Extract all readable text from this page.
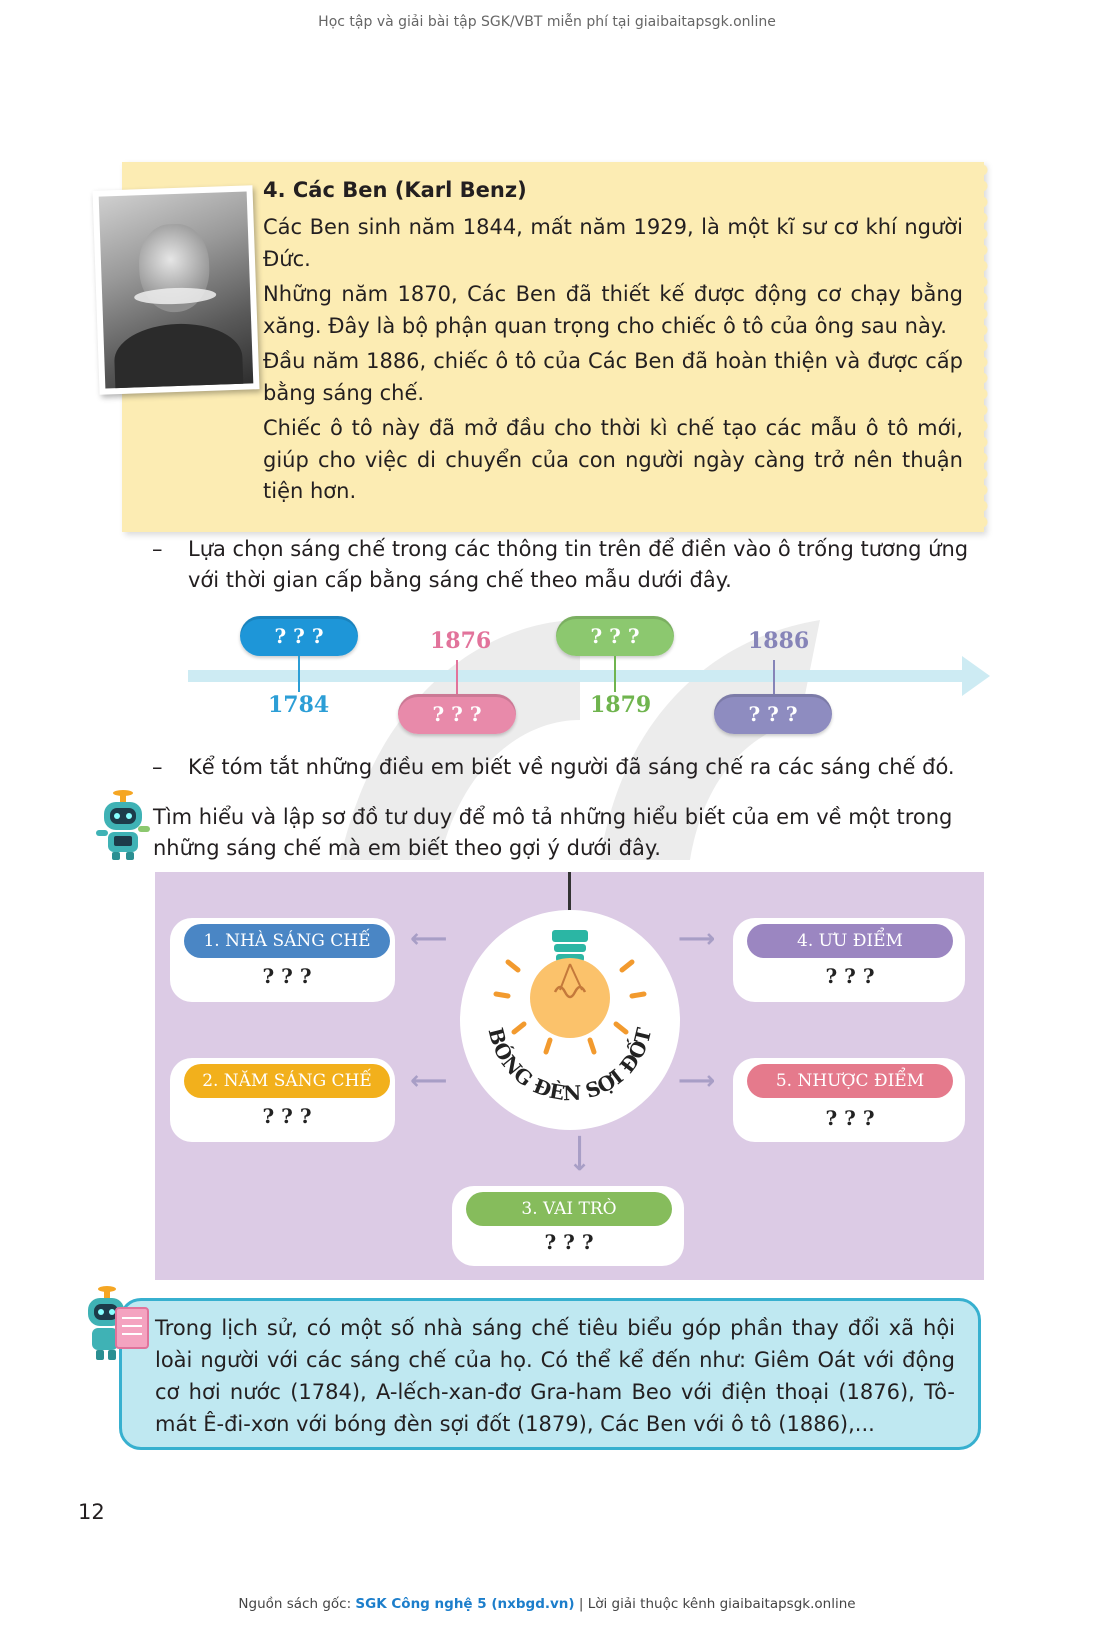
Học tập và giải bài tập SGK/VBT miễn phí tại giaibaitapsgk.online
4. Các Ben (Karl Benz)

Các Ben sinh năm 1844, mất năm 1929, là một kĩ sư cơ khí người Đức.

Những năm 1870, Các Ben đã thiết kế được động cơ chạy bằng xăng. Đây là bộ phận quan trọng cho chiếc ô tô của ông sau này.

Đầu năm 1886, chiếc ô tô của Các Ben đã hoàn thiện và được cấp bằng sáng chế.

Chiếc ô tô này đã mở đầu cho thời kì chế tạo các mẫu ô tô mới, giúp cho việc di chuyển của con người ngày càng trở nên thuận tiện hơn.

– Lựa chọn sáng chế trong các thông tin trên để điền vào ô trống tương ứng với thời gian cấp bằng sáng chế theo mẫu dưới đây.
? ? ?
1784
1876
? ? ?
? ? ?
1879
1886
? ? ?
– Kể tóm tắt những điều em biết về người đã sáng chế ra các sáng chế đó.
Tìm hiểu và lập sơ đồ tư duy để mô tả những hiểu biết của em về một trong những sáng chế mà em biết theo gợi ý dưới đây.
BÓNG ĐÈN SỢI ĐỐT
1. NHÀ SÁNG CHẾ
? ? ?
⟵
2. NĂM SÁNG CHẾ
? ? ?
⟵
3. VAI TRÒ
? ? ?
⟶
4. ƯU ĐIỂM
? ? ?
⟶
5. NHƯỢC ĐIỂM
? ? ?
⟶
Trong lịch sử, có một số nhà sáng chế tiêu biểu góp phần thay đổi xã hội loài người với các sáng chế của họ. Có thể kể đến như: Giêm Oát với động cơ hơi nước (1784), A-lếch-xan-đơ Gra-ham Beo với điện thoại (1876), Tô-mát Ê-đi-xơn với bóng đèn sợi đốt (1879), Các Ben với ô tô (1886),...
12
Nguồn sách gốc: SGK Công nghệ 5 (nxbgd.vn) | Lời giải thuộc kênh giaibaitapsgk.online
